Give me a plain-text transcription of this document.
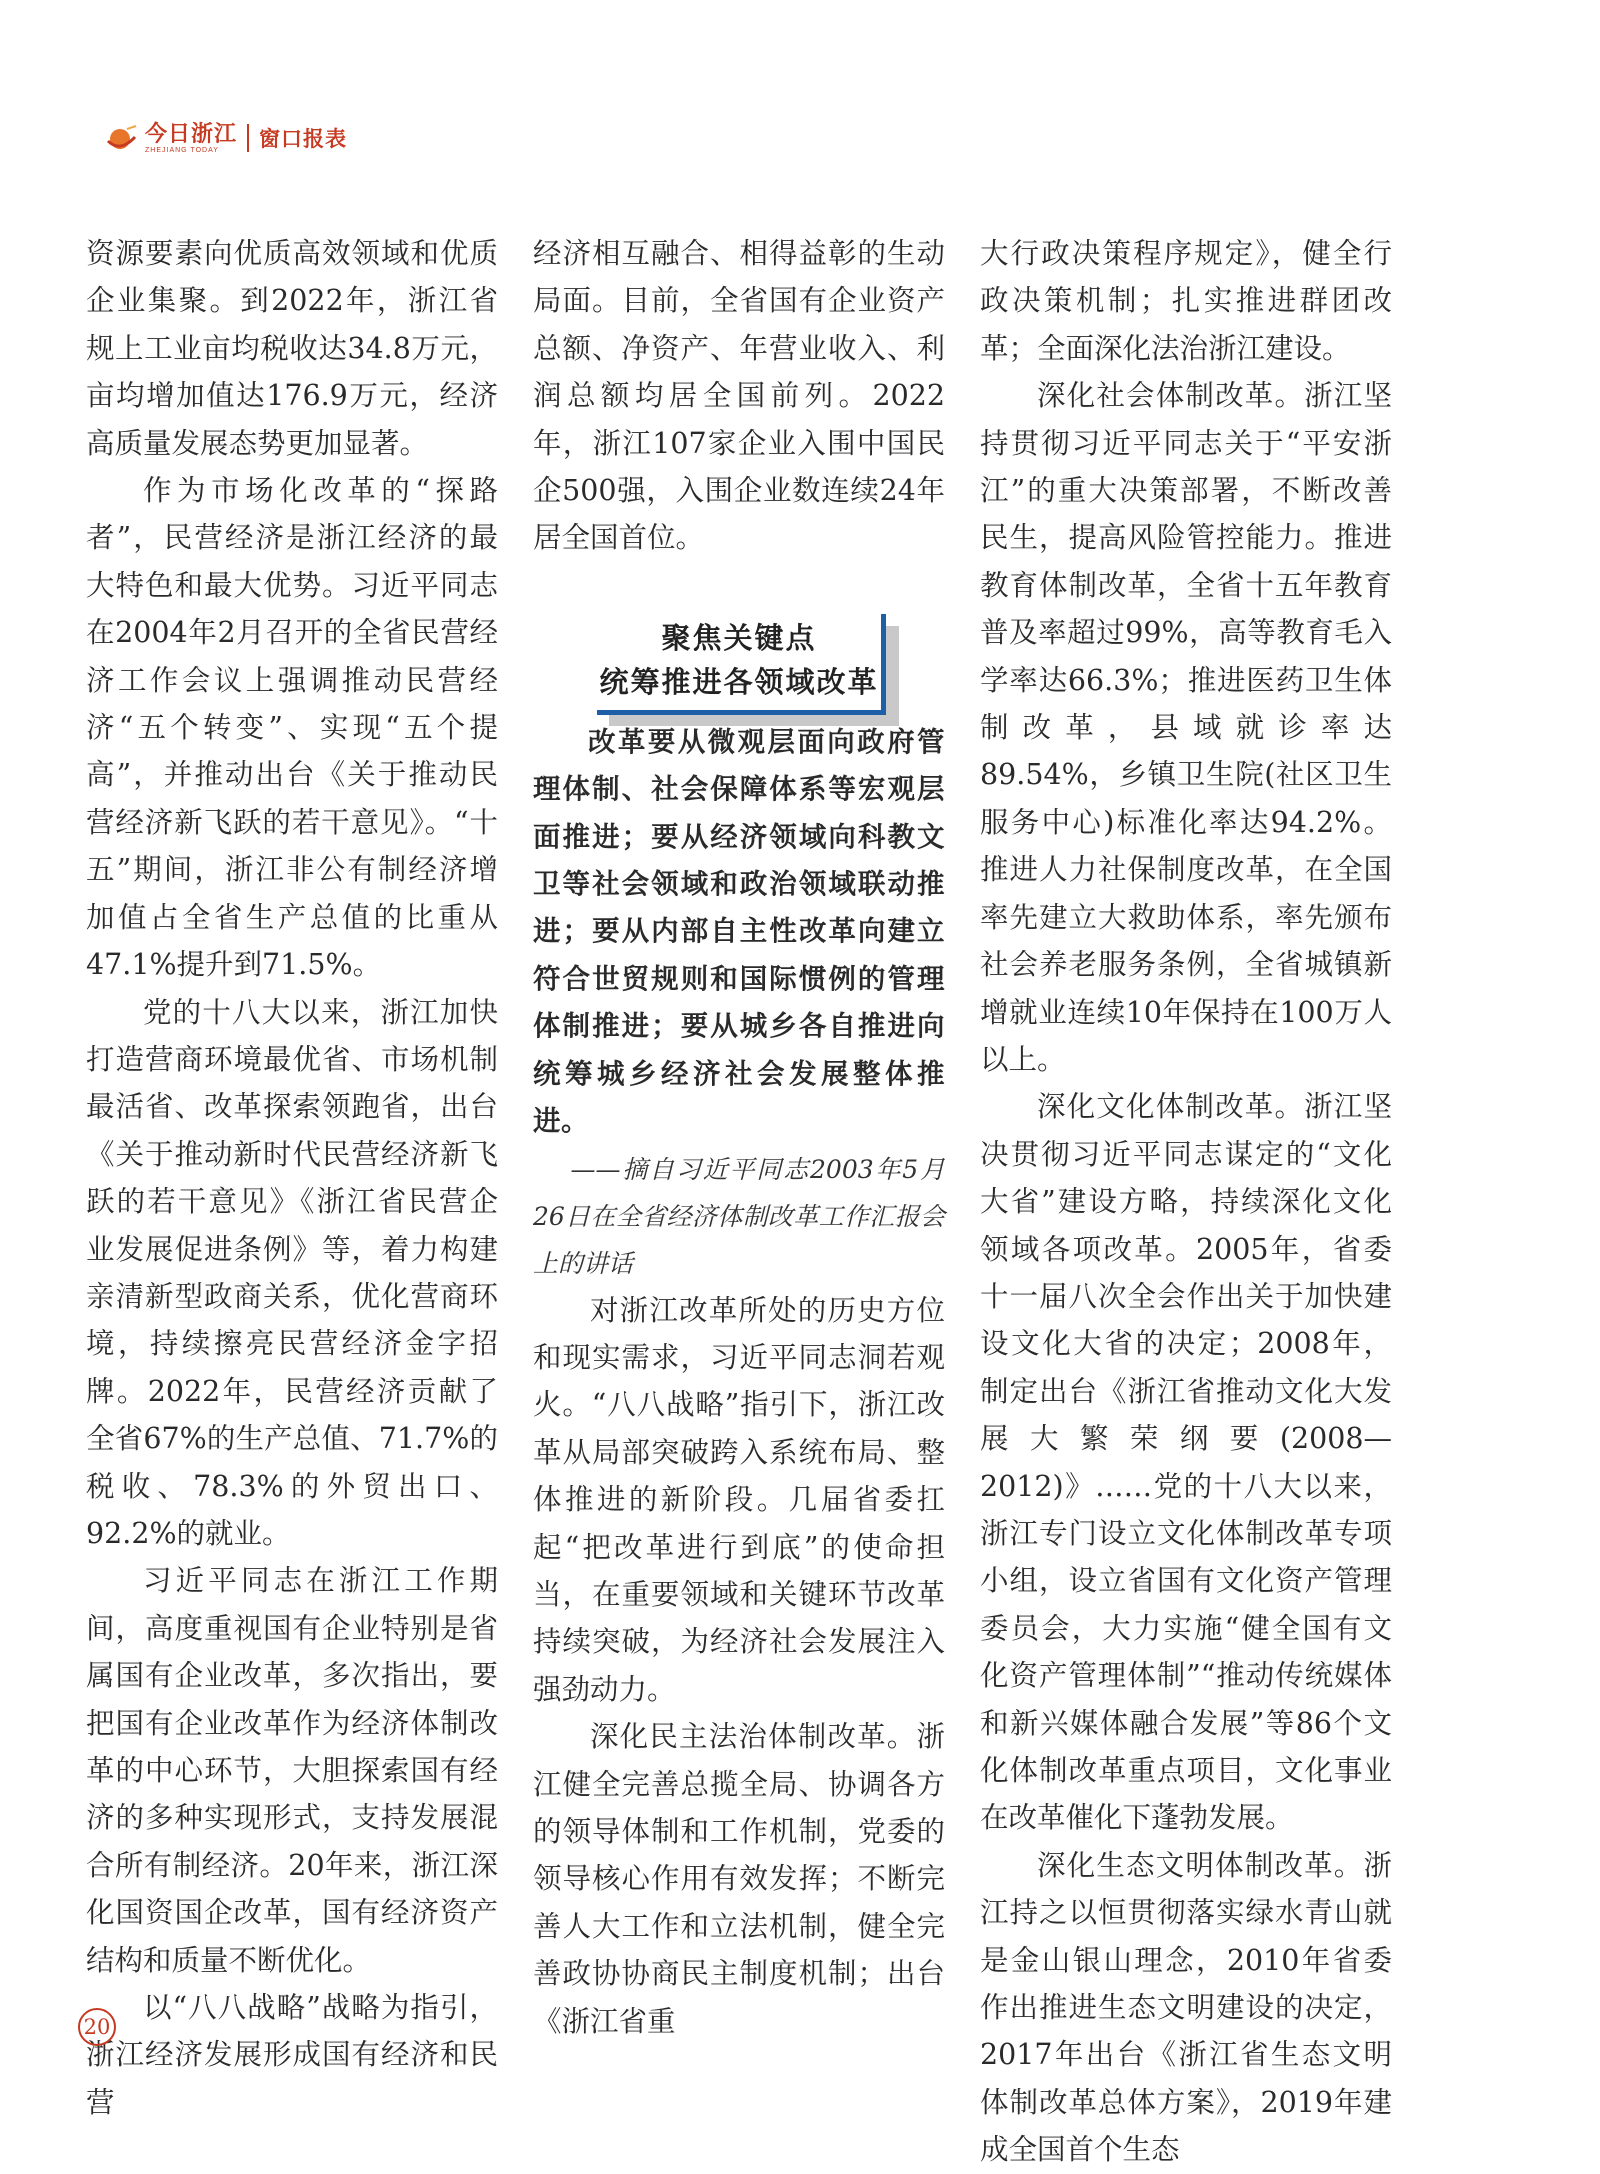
今日浙江
ZHEJIANG TODAY	窗口报表

资源要素向优质高效领域和优质企业集聚。到2022年，浙江省规上工业亩均税收达34.8万元，亩均增加值达176.9万元，经济高质量发展态势更加显著。

作为市场化改革的“探路者”，民营经济是浙江经济的最大特色和最大优势。习近平同志在2004年2月召开的全省民营经济工作会议上强调推动民营经济“五个转变”、实现“五个提高”，并推动出台《关于推动民营经济新飞跃的若干意见》。“十五”期间，浙江非公有制经济增加值占全省生产总值的比重从47.1%提升到71.5%。

党的十八大以来，浙江加快打造营商环境最优省、市场机制最活省、改革探索领跑省，出台《关于推动新时代民营经济新飞跃的若干意见》《浙江省民营企业发展促进条例》等，着力构建亲清新型政商关系，优化营商环境，持续擦亮民营经济金字招牌。2022年，民营经济贡献了全省67%的生产总值、71.7%的税收、78.3%的外贸出口、92.2%的就业。

习近平同志在浙江工作期间，高度重视国有企业特别是省属国有企业改革，多次指出，要把国有企业改革作为经济体制改革的中心环节，大胆探索国有经济的多种实现形式，支持发展混合所有制经济。20年来，浙江深化国资国企改革，国有经济资产结构和质量不断优化。

以“八八战略”战略为指引，浙江经济发展形成国有经济和民营

经济相互融合、相得益彰的生动局面。目前，全省国有企业资产总额、净资产、年营业收入、利润总额均居全国前列。2022年，浙江107家企业入围中国民企500强，入围企业数连续24年居全国首位。

聚焦关键点
统筹推进各领域改革

改革要从微观层面向政府管理体制、社会保障体系等宏观层面推进；要从经济领域向科教文卫等社会领域和政治领域联动推进；要从内部自主性改革向建立符合世贸规则和国际惯例的管理体制推进；要从城乡各自推进向统筹城乡经济社会发展整体推进。

——摘自习近平同志2003年5月26日在全省经济体制改革工作汇报会上的讲话

对浙江改革所处的历史方位和现实需求，习近平同志洞若观火。“八八战略”指引下，浙江改革从局部突破跨入系统布局、整体推进的新阶段。几届省委扛起“把改革进行到底”的使命担当，在重要领域和关键环节改革持续突破，为经济社会发展注入强劲动力。

深化民主法治体制改革。浙江健全完善总揽全局、协调各方的领导体制和工作机制，党委的领导核心作用有效发挥；不断完善人大工作和立法机制，健全完善政协协商民主制度机制；出台《浙江省重

大行政决策程序规定》，健全行政决策机制；扎实推进群团改革；全面深化法治浙江建设。

深化社会体制改革。浙江坚持贯彻习近平同志关于“平安浙江”的重大决策部署，不断改善民生，提高风险管控能力。推进教育体制改革，全省十五年教育普及率超过99%，高等教育毛入学率达66.3%；推进医药卫生体制改革，县域就诊率达89.54%，乡镇卫生院(社区卫生服务中心)标准化率达94.2%。推进人力社保制度改革，在全国率先建立大救助体系，率先颁布社会养老服务条例，全省城镇新增就业连续10年保持在100万人以上。

深化文化体制改革。浙江坚决贯彻习近平同志谋定的“文化大省”建设方略，持续深化文化领域各项改革。2005年，省委十一届八次全会作出关于加快建设文化大省的决定；2008年，制定出台《浙江省推动文化大发展大繁荣纲要(2008—2012)》……党的十八大以来，浙江专门设立文化体制改革专项小组，设立省国有文化资产管理委员会，大力实施“健全国有文化资产管理体制”“推动传统媒体和新兴媒体融合发展”等86个文化体制改革重点项目，文化事业在改革催化下蓬勃发展。

深化生态文明体制改革。浙江持之以恒贯彻落实绿水青山就是金山银山理念，2010年省委作出推进生态文明建设的决定，2017年出台《浙江省生态文明体制改革总体方案》，2019年建成全国首个生态

20
